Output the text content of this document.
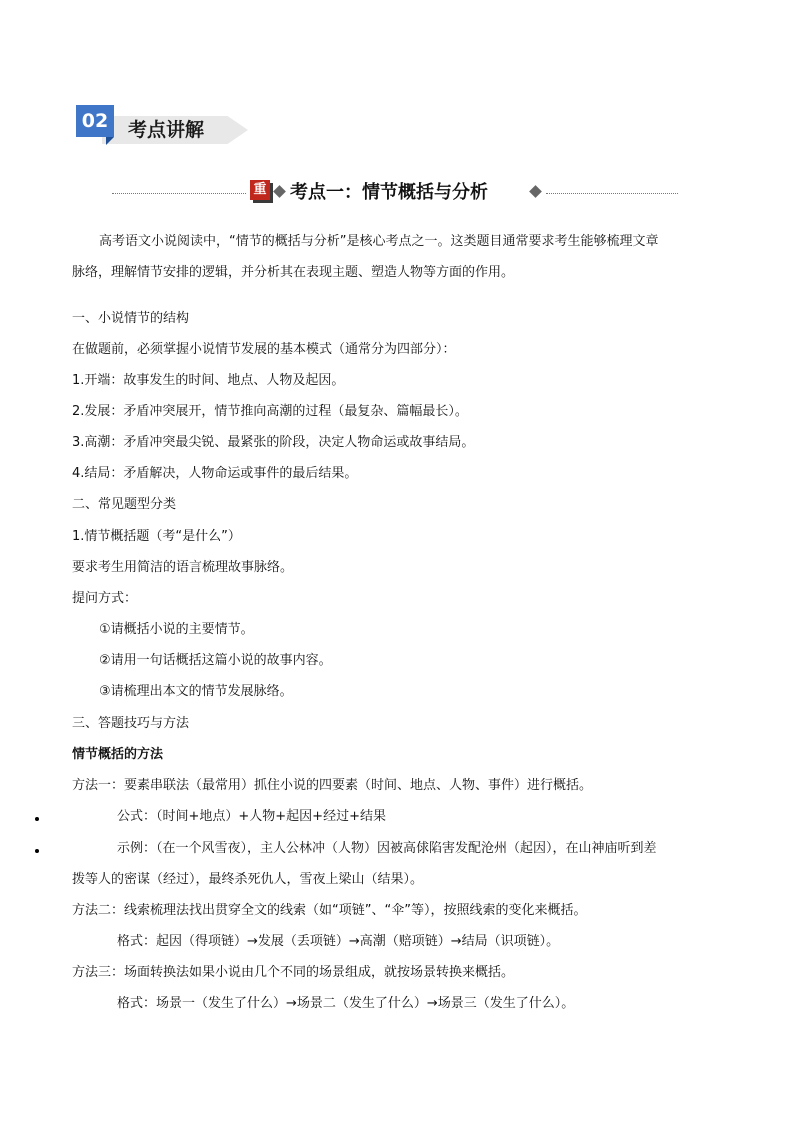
02	考点讲解
重 考点一：情节概括与分析
高考语文小说阅读中，“情节的概括与分析”是核心考点之一。这类题目通常要求考生能够梳理文章
脉络，理解情节安排的逻辑，并分析其在表现主题、塑造人物等方面的作用。
一、小说情节的结构
在做题前，必须掌握小说情节发展的基本模式（通常分为四部分）：
1.开端：故事发生的时间、地点、人物及起因。
2.发展：矛盾冲突展开，情节推向高潮的过程（最复杂、篇幅最长）。
3.高潮：矛盾冲突最尖锐、最紧张的阶段，决定人物命运或故事结局。
4.结局：矛盾解决，人物命运或事件的最后结果。
二、常见题型分类
1.情节概括题（考“是什么”）
要求考生用简洁的语言梳理故事脉络。
提问方式：
①请概括小说的主要情节。
②请用一句话概括这篇小说的故事内容。
③请梳理出本文的情节发展脉络。
三、答题技巧与方法
情节概括的方法
方法一：要素串联法（最常用）抓住小说的四要素（时间、地点、人物、事件）进行概括。
公式：（时间+地点）+人物+起因+经过+结果
示例：（在一个风雪夜），主人公林冲（人物）因被高俅陷害发配沧州（起因），在山神庙听到差
拨等人的密谋（经过），最终杀死仇人，雪夜上梁山（结果）。
方法二：线索梳理法找出贯穿全文的线索（如“项链”、“伞”等），按照线索的变化来概括。
格式：起因（得项链）→发展（丢项链）→高潮（赔项链）→结局（识项链）。
方法三：场面转换法如果小说由几个不同的场景组成，就按场景转换来概括。
格式：场景一（发生了什么）→场景二（发生了什么）→场景三（发生了什么）。
